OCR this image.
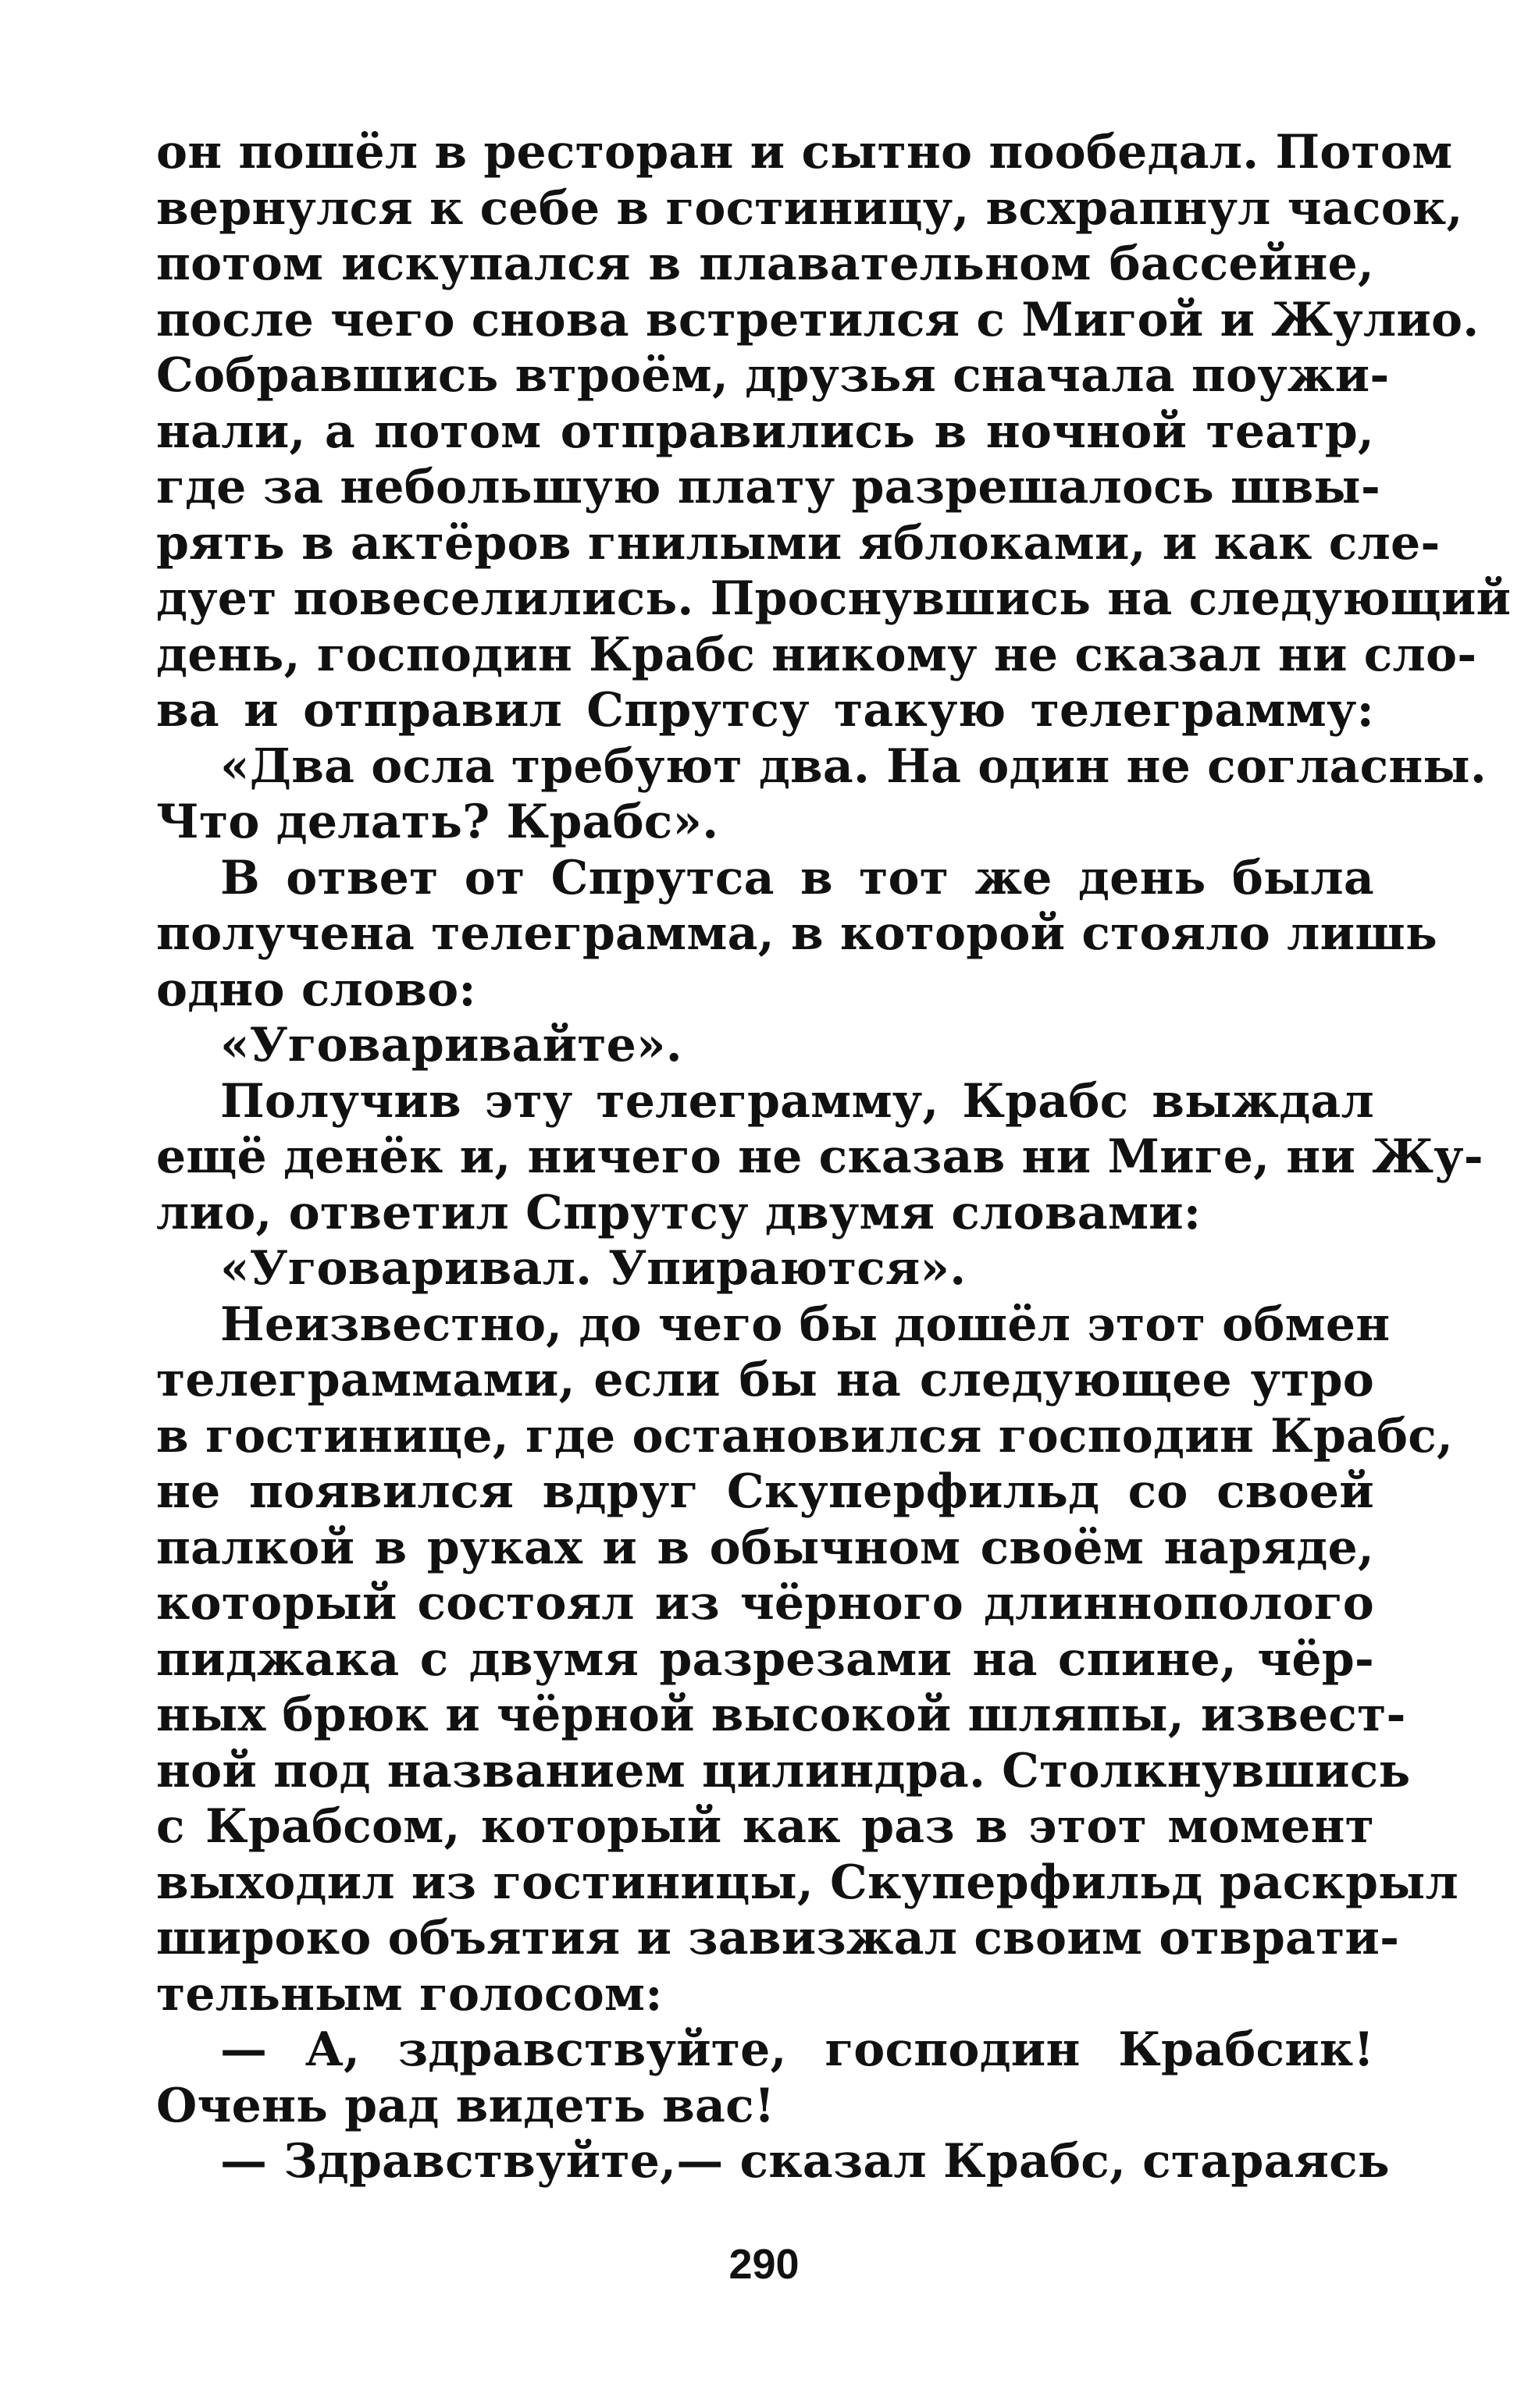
он пошёл в ресторан и сытно пообедал. Потом
вернулся к себе в гостиницу, всхрапнул часок,
потом искупался в плавательном бассейне,
после чего снова встретился с Мигой и Жулио.
Собравшись втроём, друзья сначала поужи-
нали, а потом отправились в ночной театр,
где за небольшую плату разрешалось швы-
рять в актёров гнилыми яблоками, и как сле-
дует повеселились. Проснувшись на следующий
день, господин Крабс никому не сказал ни сло-
ва и отправил Спрутсу такую телеграмму:
«Два осла требуют два. На один не согласны.
Что делать? Крабс».
В ответ от Спрутса в тот же день была
получена телеграмма, в которой стояло лишь
одно слово:
«Уговаривайте».
Получив эту телеграмму, Крабс выждал
ещё денёк и, ничего не сказав ни Миге, ни Жу-
лио, ответил Спрутсу двумя словами:
«Уговаривал. Упираются».
Неизвестно, до чего бы дошёл этот обмен
телеграммами, если бы на следующее утро
в гостинице, где остановился господин Крабс,
не появился вдруг Скуперфильд со своей
палкой в руках и в обычном своём наряде,
который состоял из чёрного длиннополого
пиджака с двумя разрезами на спине, чёр-
ных брюк и чёрной высокой шляпы, извест-
ной под названием цилиндра. Столкнувшись
с Крабсом, который как раз в этот момент
выходил из гостиницы, Скуперфильд раскрыл
широко объятия и завизжал своим отврати-
тельным голосом:
— А, здравствуйте, господин Крабсик!
Очень рад видеть вас!
— Здравствуйте,— сказал Крабс, стараясь
290
